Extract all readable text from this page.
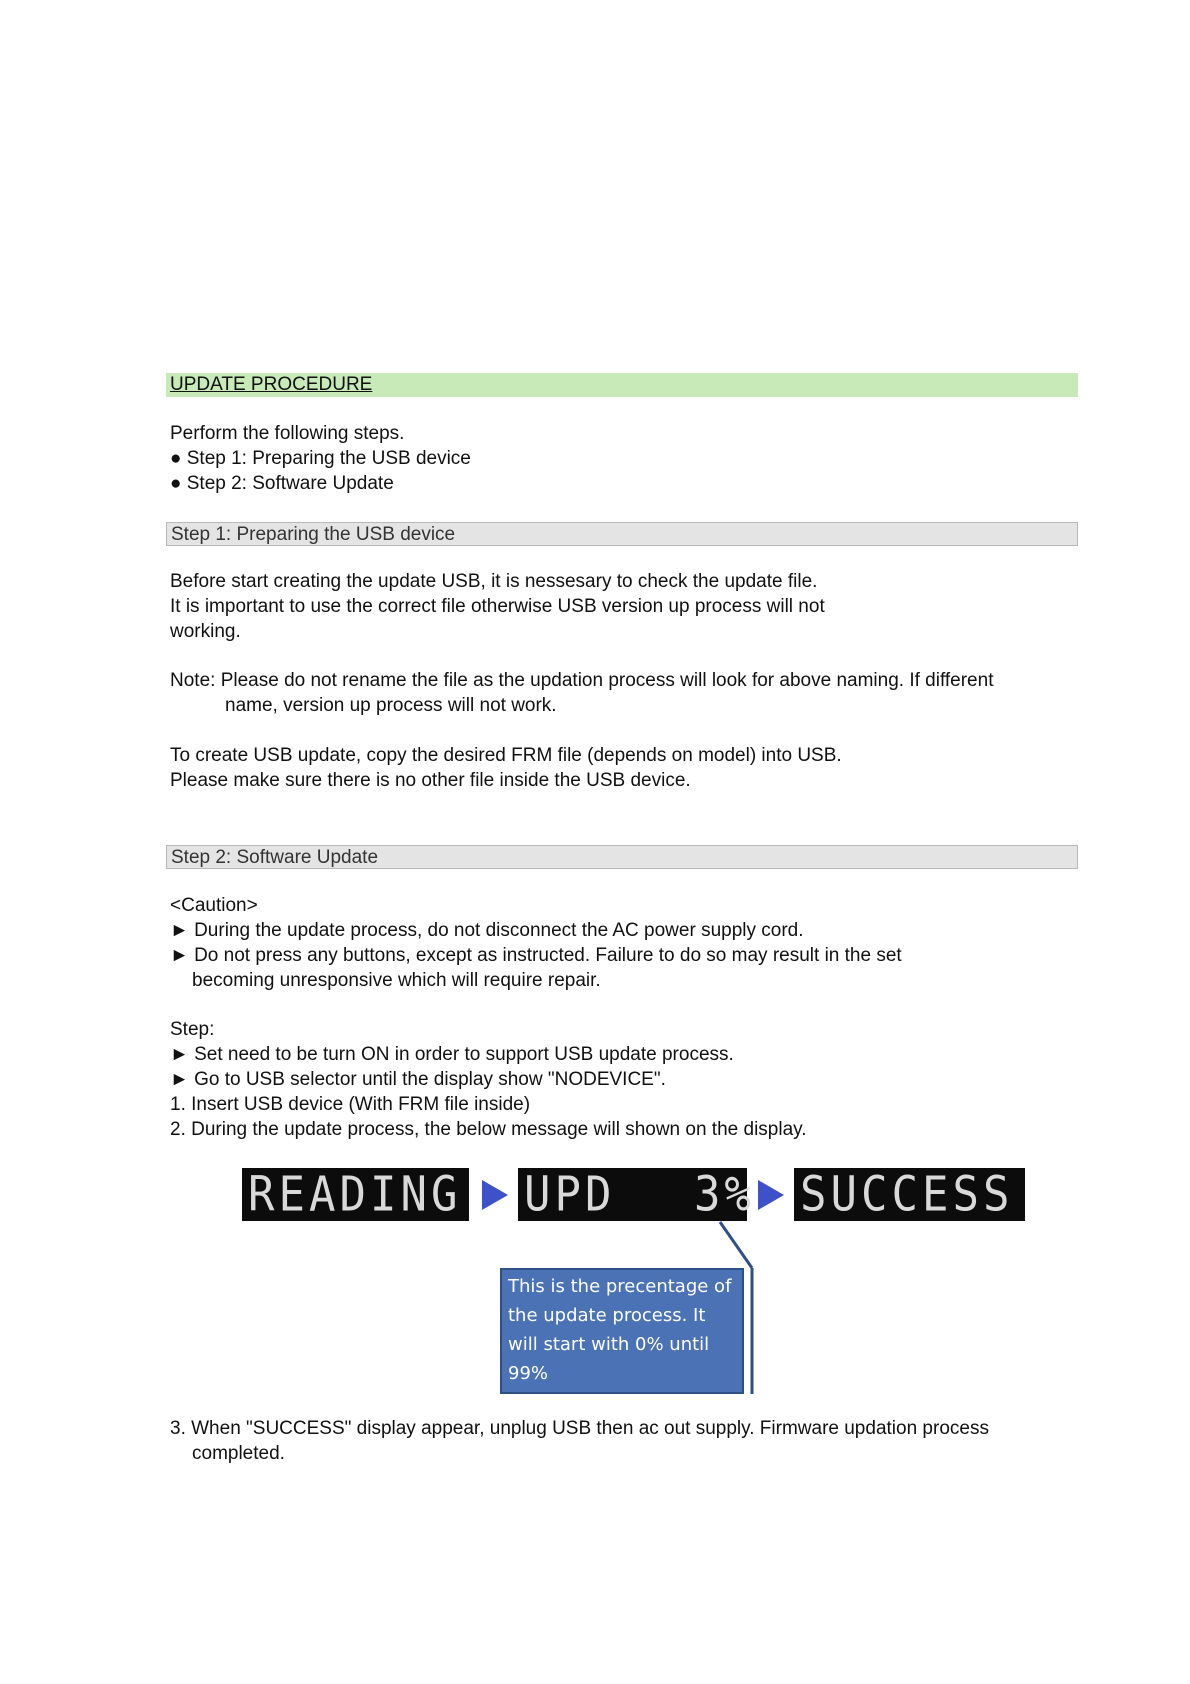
UPDATE PROCEDURE
Perform the following steps.
● Step 1: Preparing the USB device
● Step 2: Software Update
Step 1: Preparing the USB device
Before start creating the update USB, it is nessesary to check the update file.
It is important to use the correct file otherwise USB version up process will not
working.
Note: Please do not rename the file as the updation process will look for above naming. If different
name, version up process will not work.
To create USB update, copy the desired FRM file (depends on model) into USB.
Please make sure there is no other file inside the USB device.
Step 2: Software Update
<Caution>
► During the update process, do not disconnect the AC power supply cord.
► Do not press any buttons, except as instructed. Failure to do so may result in the set
becoming unresponsive which will require repair.
Step:
► Set need to be turn ON in order to support USB update process.
► Go to USB selector until the display show "NODEVICE".
1. Insert USB device (With FRM file inside)
2. During the update process, the below message will shown on the display.
READING UPD 3% SUCCESS
This is the precentage of
the update process. It
will start with 0% until
99%
3. When "SUCCESS" display appear, unplug USB then ac out supply. Firmware updation process
completed.
